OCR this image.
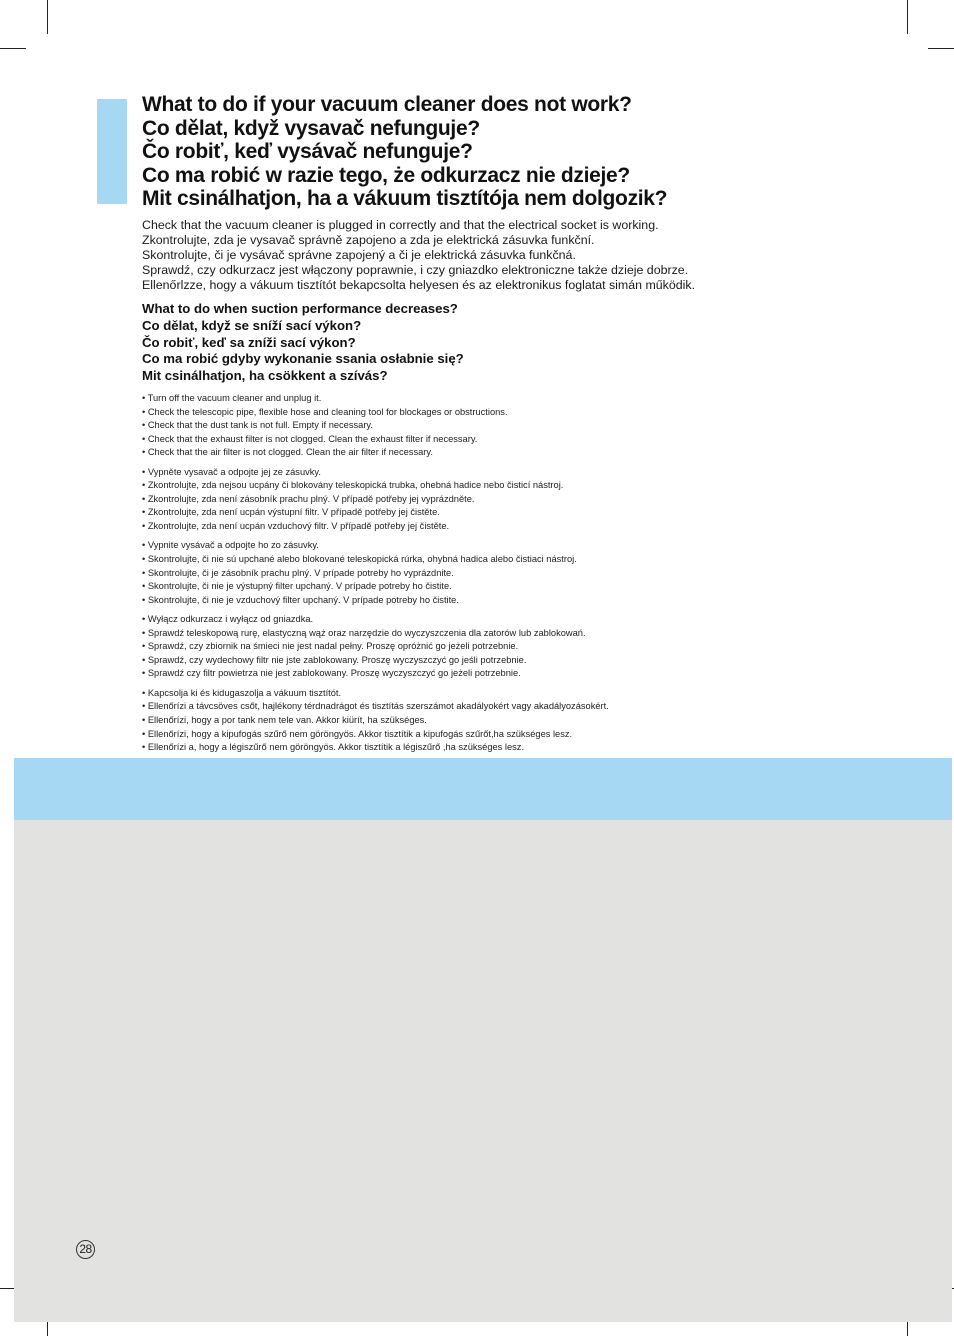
What to do if your vacuum cleaner does not work?
Co dělat, když vysavač nefunguje?
Čo robiť, keď vysávač nefunguje?
Co ma robić w razie tego, że odkurzacz nie dzieje?
Mit csinálhatjon, ha a vákuum tisztítója nem dolgozik?
Check that the vacuum cleaner is plugged in correctly and that the electrical socket is working.
Zkontrolujte, zda je vysavač správně zapojeno a zda je elektrická zásuvka funkční.
Skontrolujte, či je vysávač správne zapojený a či je elektrická zásuvka funkčná.
Sprawdź, czy odkurzacz jest włączony poprawnie, i czy gniazdko elektroniczne także dzieje dobrze.
Ellenőrlzze, hogy a vákuum tisztítót bekapcsolta helyesen és az elektronikus foglatat simán működik.
What to do when suction performance decreases?
Co dělat, když se sníží sací výkon?
Čo robiť, keď sa zníži sací výkon?
Co ma robić gdyby wykonanie ssania osłabnie się?
Mit csinálhatjon, ha csökkent a szívás?
• Turn off the vacuum cleaner and unplug it.
• Check the telescopic pipe, flexible hose and cleaning tool for blockages or obstructions.
• Check that the dust tank is not full. Empty if necessary.
• Check that the exhaust filter is not clogged. Clean the exhaust filter if necessary.
• Check that the air filter is not clogged. Clean the air filter if necessary.
• Vypněte vysavač a odpojte jej ze zásuvky.
• Zkontrolujte, zda nejsou ucpány či blokovány teleskopická trubka, ohebná hadice nebo čisticí nástroj.
• Zkontrolujte, zda není zásobník prachu plný. V případě potřeby jej vyprázdněte.
• Zkontrolujte, zda není ucpán výstupní filtr. V případě potřeby jej čistěte.
• Zkontrolujte, zda není ucpán vzduchový filtr. V případě potřeby jej čistěte.
• Vypnite vysávač a odpojte ho zo zásuvky.
• Skontrolujte, či nie sú upchané alebo blokované teleskopická rúrka, ohybná hadica alebo čistiaci nástroj.
• Skontrolujte, či je zásobník prachu plný. V prípade potreby ho vyprázdnite.
• Skontrolujte, či nie je výstupný filter upchaný. V prípade potreby ho čistite.
• Skontrolujte, či nie je vzduchový filter upchaný. V prípade potreby ho čistite.
• Wyłącz odkurzacz i wyłącz od gniazdka.
• Sprawdź teleskopową rurę, elastyczną wąż oraz narzędzie do wyczyszczenia dla zatorów lub zablokowań.
• Sprawdź, czy zbiornik na śmieci nie jest nadal pełny. Proszę opróżnić go jeżeli potrzebnie.
• Sprawdź, czy wydechowy filtr nie jste zablokowany. Proszę wyczyszczyć go jeśli potrzebnie.
• Sprawdź czy filtr powietrza nie jest zablokowany. Proszę wyczyszczyć go jeżeli potrzebnie.
• Kapcsolja ki és kidugaszolja a vákuum tisztítót.
• Ellenőrízi a távcsöves csőt, hajlékony térdnadrágot és tisztítás szerszámot akadályokért vagy akadályozásokért.
• Ellenőrízi, hogy a por tank nem tele van. Akkor kiürít, ha szükséges.
• Ellenőrízi, hogy a kipufogás szűrő nem göröngyös. Akkor tisztítik a kipufogás szűrőt,ha szükséges lesz.
• Ellenőrízi a, hogy a légiszűrő nem göröngyös. Akkor tisztítik a légiszűrő ,ha szükséges lesz.
28
